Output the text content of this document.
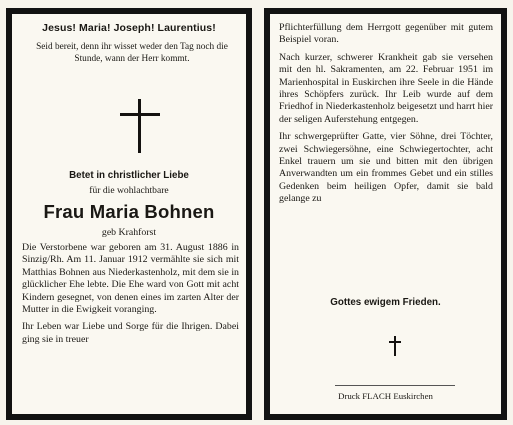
Jesus! Maria! Joseph! Laurentius!
Seid bereit, denn ihr wisset weder den Tag noch die Stunde, wann der Herr kommt.
Betet in christlicher Liebe
für die wohlachtbare
Frau Maria Bohnen
geb Krahforst

Die Verstorbene war geboren am 31. August 1886 in Sinzig/Rh. Am 11. Januar 1912 vermählte sie sich mit Matthias Bohnen aus Niederkastenholz, mit dem sie in glücklicher Ehe lebte. Die Ehe ward von Gott mit acht Kindern gesegnet, von denen eines im zarten Alter der Mutter in die Ewigkeit voranging.

Ihr Leben war Liebe und Sorge für die Ihrigen. Dabei ging sie in treuer

Pflichterfüllung dem Herrgott gegenüber mit gutem Beispiel voran.

Nach kurzer, schwerer Krankheit gab sie versehen mit den hl. Sakramenten, am 22. Februar 1951 im Marienhospital in Euskirchen ihre Seele in die Hände ihres Schöpfers zurück. Ihr Leib wurde auf dem Friedhof in Niederkastenholz beigesetzt und harrt hier der seligen Auferstehung entgegen.

Ihr schwergeprüfter Gatte, vier Söhne, drei Töchter, zwei Schwiegersöhne, eine Schwiegertochter, acht Enkel trauern um sie und bitten mit den übrigen Anverwandten um ein frommes Gebet und ein stilles Gedenken beim heiligen Opfer, damit sie bald gelange zu

Gottes ewigem Frieden.
Druck FLACH Euskirchen
